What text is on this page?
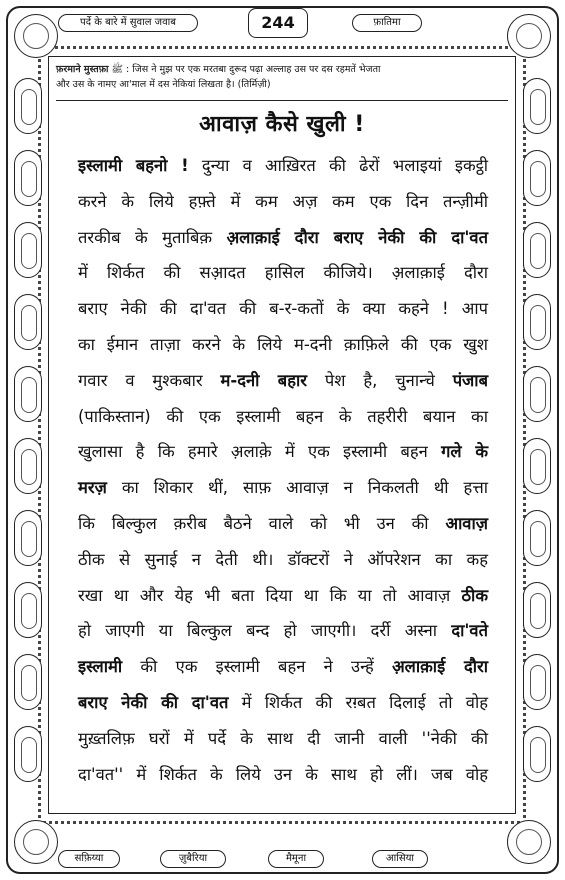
पर्दे के बारे में सुवाल जवाब	244	फ़ातिमा
फ़रमाने मुस्तफ़ा ﷺ : जिस ने मुझ पर एक मरतबा दुरूद पढ़ा अल्लाह उस पर दस रहमतें भेजता
और उस के नामए आ'माल में दस नेकियां लिखता है। (तिर्मिज़ी)
आवाज़ कैसे खुली !
इस्लामी बहनो ! दुन्या व आख़िरत की ढेरों भलाइयां इकट्ठी
करने के लिये हफ़्ते में कम अज़ कम एक दिन तन्ज़ीमी
तरकीब के मुताबिक़ अ़लाक़ाई दौरा बराए नेकी की दा'वत
में शिर्कत की सआ़दत हासिल कीजिये। अ़लाक़ाई दौरा
बराए नेकी की दा'वत की ब-र-कतों के क्या कहने ! आप
का ईमान ताज़ा करने के लिये म-दनी क़ाफ़िले की एक खुश
गवार व मुश्कबार म-दनी बहार पेश है, चुनान्चे पंजाब
(पाकिस्तान) की एक इस्लामी बहन के तहरीरी बयान का
खुलासा है कि हमारे अ़लाक़े में एक इस्लामी बहन गले के
मरज़ का शिकार थीं, साफ़ आवाज़ न निकलती थी हत्ता
कि बिल्कुल क़रीब बैठने वाले को भी उन की आवाज़
ठीक से सुनाई न देती थी। डॉक्टरों ने ऑपरेशन का कह
रखा था और येह भी बता दिया था कि या तो आवाज़ ठीक
हो जाएगी या बिल्कुल बन्द हो जाएगी। दर्री अस्ना दा'वते
इस्लामी की एक इस्लामी बहन ने उन्हें अ़लाक़ाई दौरा
बराए नेकी की दा'वत में शिर्कत की रग़्बत दिलाई तो वोह
मुख़्तलिफ़ घरों में पर्दे के साथ दी जानी वाली ''नेकी की
दा'वत'' में शिर्कत के लिये उन के साथ हो लीं। जब वोह
सफ़िय्या	ज़ुबैरिया	मैमूना	आसिया
